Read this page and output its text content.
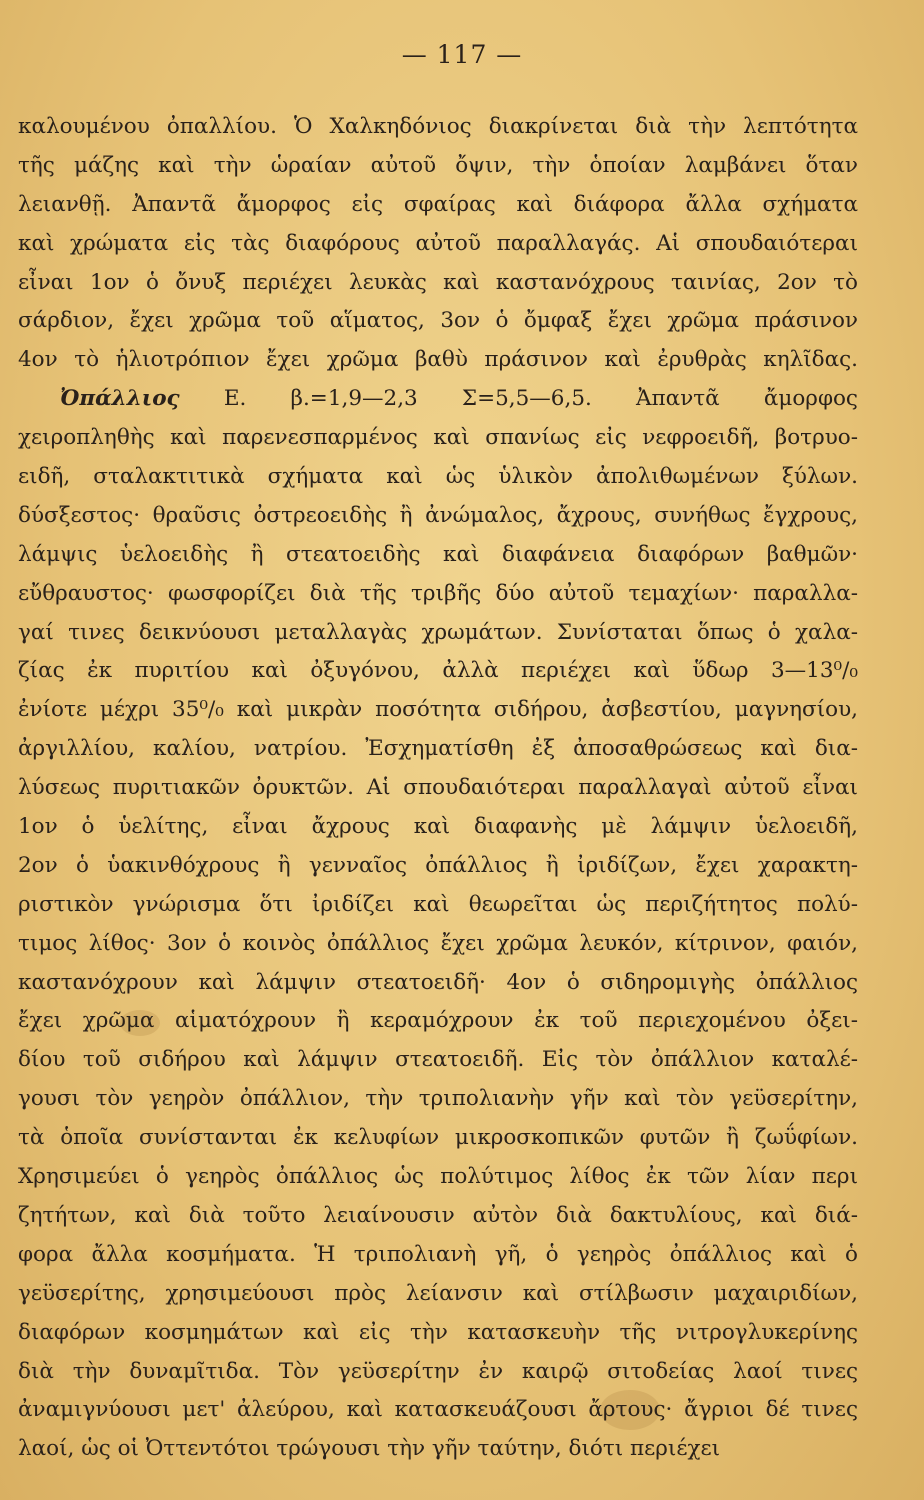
— 117 —
καλουμένου ὀπαλλίου. Ὁ Χαλκηδόνιος διακρίνεται διὰ τὴν λεπτότητα
τῆς μάζης καὶ τὴν ὡραίαν αὐτοῦ ὄψιν, τὴν ὁποίαν λαμβάνει ὅταν
λειανθῇ. Ἀπαντᾶ ἄμορφος εἰς σφαίρας καὶ διάφορα ἄλλα σχήματα
καὶ χρώματα εἰς τὰς διαφόρους αὐτοῦ παραλλαγάς. Αἱ σπουδαιότεραι
εἶναι 1ον ὁ ὄνυξ περιέχει λευκὰς καὶ καστανόχρους ταινίας, 2ον τὸ
σάρδιον, ἔχει χρῶμα τοῦ αἵματος, 3ον ὁ ὄμφαξ ἔχει χρῶμα πράσινον
4ον τὸ ἡλιοτρόπιον ἔχει χρῶμα βαθὺ πράσινον καὶ ἐρυθρὰς κηλῖδας.
Ὀπάλλιος Ε. β.=1,9—2,3 Σ=5,5—6,5. Ἀπαντᾶ ἄμορφος
χειροπληθὴς καὶ παρενεσπαρμένος καὶ σπανίως εἰς νεφροειδῆ, βοτρυο-
ειδῆ, σταλακτιτικὰ σχήματα καὶ ὡς ὑλικὸν ἀπολιθωμένων ξύλων.
δύσξεστος· θραῦσις ὀστρεοειδὴς ἢ ἀνώμαλος, ἄχρους, συνήθως ἔγχρους,
λάμψις ὑελοειδὴς ἢ στεατοειδὴς καὶ διαφάνεια διαφόρων βαθμῶν·
εὔθραυστος· φωσφορίζει διὰ τῆς τριβῆς δύο αὐτοῦ τεμαχίων· παραλλα-
γαί τινες δεικνύουσι μεταλλαγὰς χρωμάτων. Συνίσταται ὅπως ὁ χαλα-
ζίας ἐκ πυριτίου καὶ ὀξυγόνου, ἀλλὰ περιέχει καὶ ὕδωρ 3—13⁰/₀
ἐνίοτε μέχρι 35⁰/₀ καὶ μικρὰν ποσότητα σιδήρου, ἀσβεστίου, μαγνησίου,
ἀργιλλίου, καλίου, νατρίου. Ἐσχηματίσθη ἐξ ἀποσαθρώσεως καὶ δια-
λύσεως πυριτιακῶν ὀρυκτῶν. Αἱ σπουδαιότεραι παραλλαγαὶ αὐτοῦ εἶναι
1ον ὁ ὑελίτης, εἶναι ἄχρους καὶ διαφανὴς μὲ λάμψιν ὑελοειδῆ,
2ον ὁ ὑακινθόχρους ἢ γενναῖος ὀπάλλιος ἢ ἰριδίζων, ἔχει χαρακτη-
ριστικὸν γνώρισμα ὅτι ἰριδίζει καὶ θεωρεῖται ὡς περιζήτητος πολύ-
τιμος λίθος· 3ον ὁ κοινὸς ὀπάλλιος ἔχει χρῶμα λευκόν, κίτρινον, φαιόν,
καστανόχρουν καὶ λάμψιν στεατοειδῆ· 4ον ὁ σιδηρομιγὴς ὀπάλλιος
ἔχει χρῶμα αἱματόχρουν ἢ κεραμόχρουν ἐκ τοῦ περιεχομένου ὀξει-
δίου τοῦ σιδήρου καὶ λάμψιν στεατοειδῆ. Εἰς τὸν ὀπάλλιον καταλέ-
γουσι τὸν γεηρὸν ὀπάλλιον, τὴν τριπολιανὴν γῆν καὶ τὸν γεϋσερίτην,
τὰ ὁποῖα συνίστανται ἐκ κελυφίων μικροσκοπικῶν φυτῶν ἢ ζωΰφίων.
Χρησιμεύει ὁ γεηρὸς ὀπάλλιος ὡς πολύτιμος λίθος ἐκ τῶν λίαν περι
ζητήτων, καὶ διὰ τοῦτο λειαίνουσιν αὐτὸν διὰ δακτυλίους, καὶ διά-
φορα ἄλλα κοσμήματα. Ἡ τριπολιανὴ γῆ, ὁ γεηρὸς ὀπάλλιος καὶ ὁ
γεϋσερίτης, χρησιμεύουσι πρὸς λείανσιν καὶ στίλβωσιν μαχαιριδίων,
διαφόρων κοσμημάτων καὶ εἰς τὴν κατασκευὴν τῆς νιτρογλυκερίνης
διὰ τὴν δυναμῖτιδα. Τὸν γεϋσερίτην ἐν καιρῷ σιτοδείας λαοί τινες
ἀναμιγνύουσι μετ' ἀλεύρου, καὶ κατασκευάζουσι ἄρτους· ἄγριοι δέ τινες
λαοί, ὡς οἱ Ὀττεντότοι τρώγουσι τὴν γῆν ταύτην, διότι περιέχει
